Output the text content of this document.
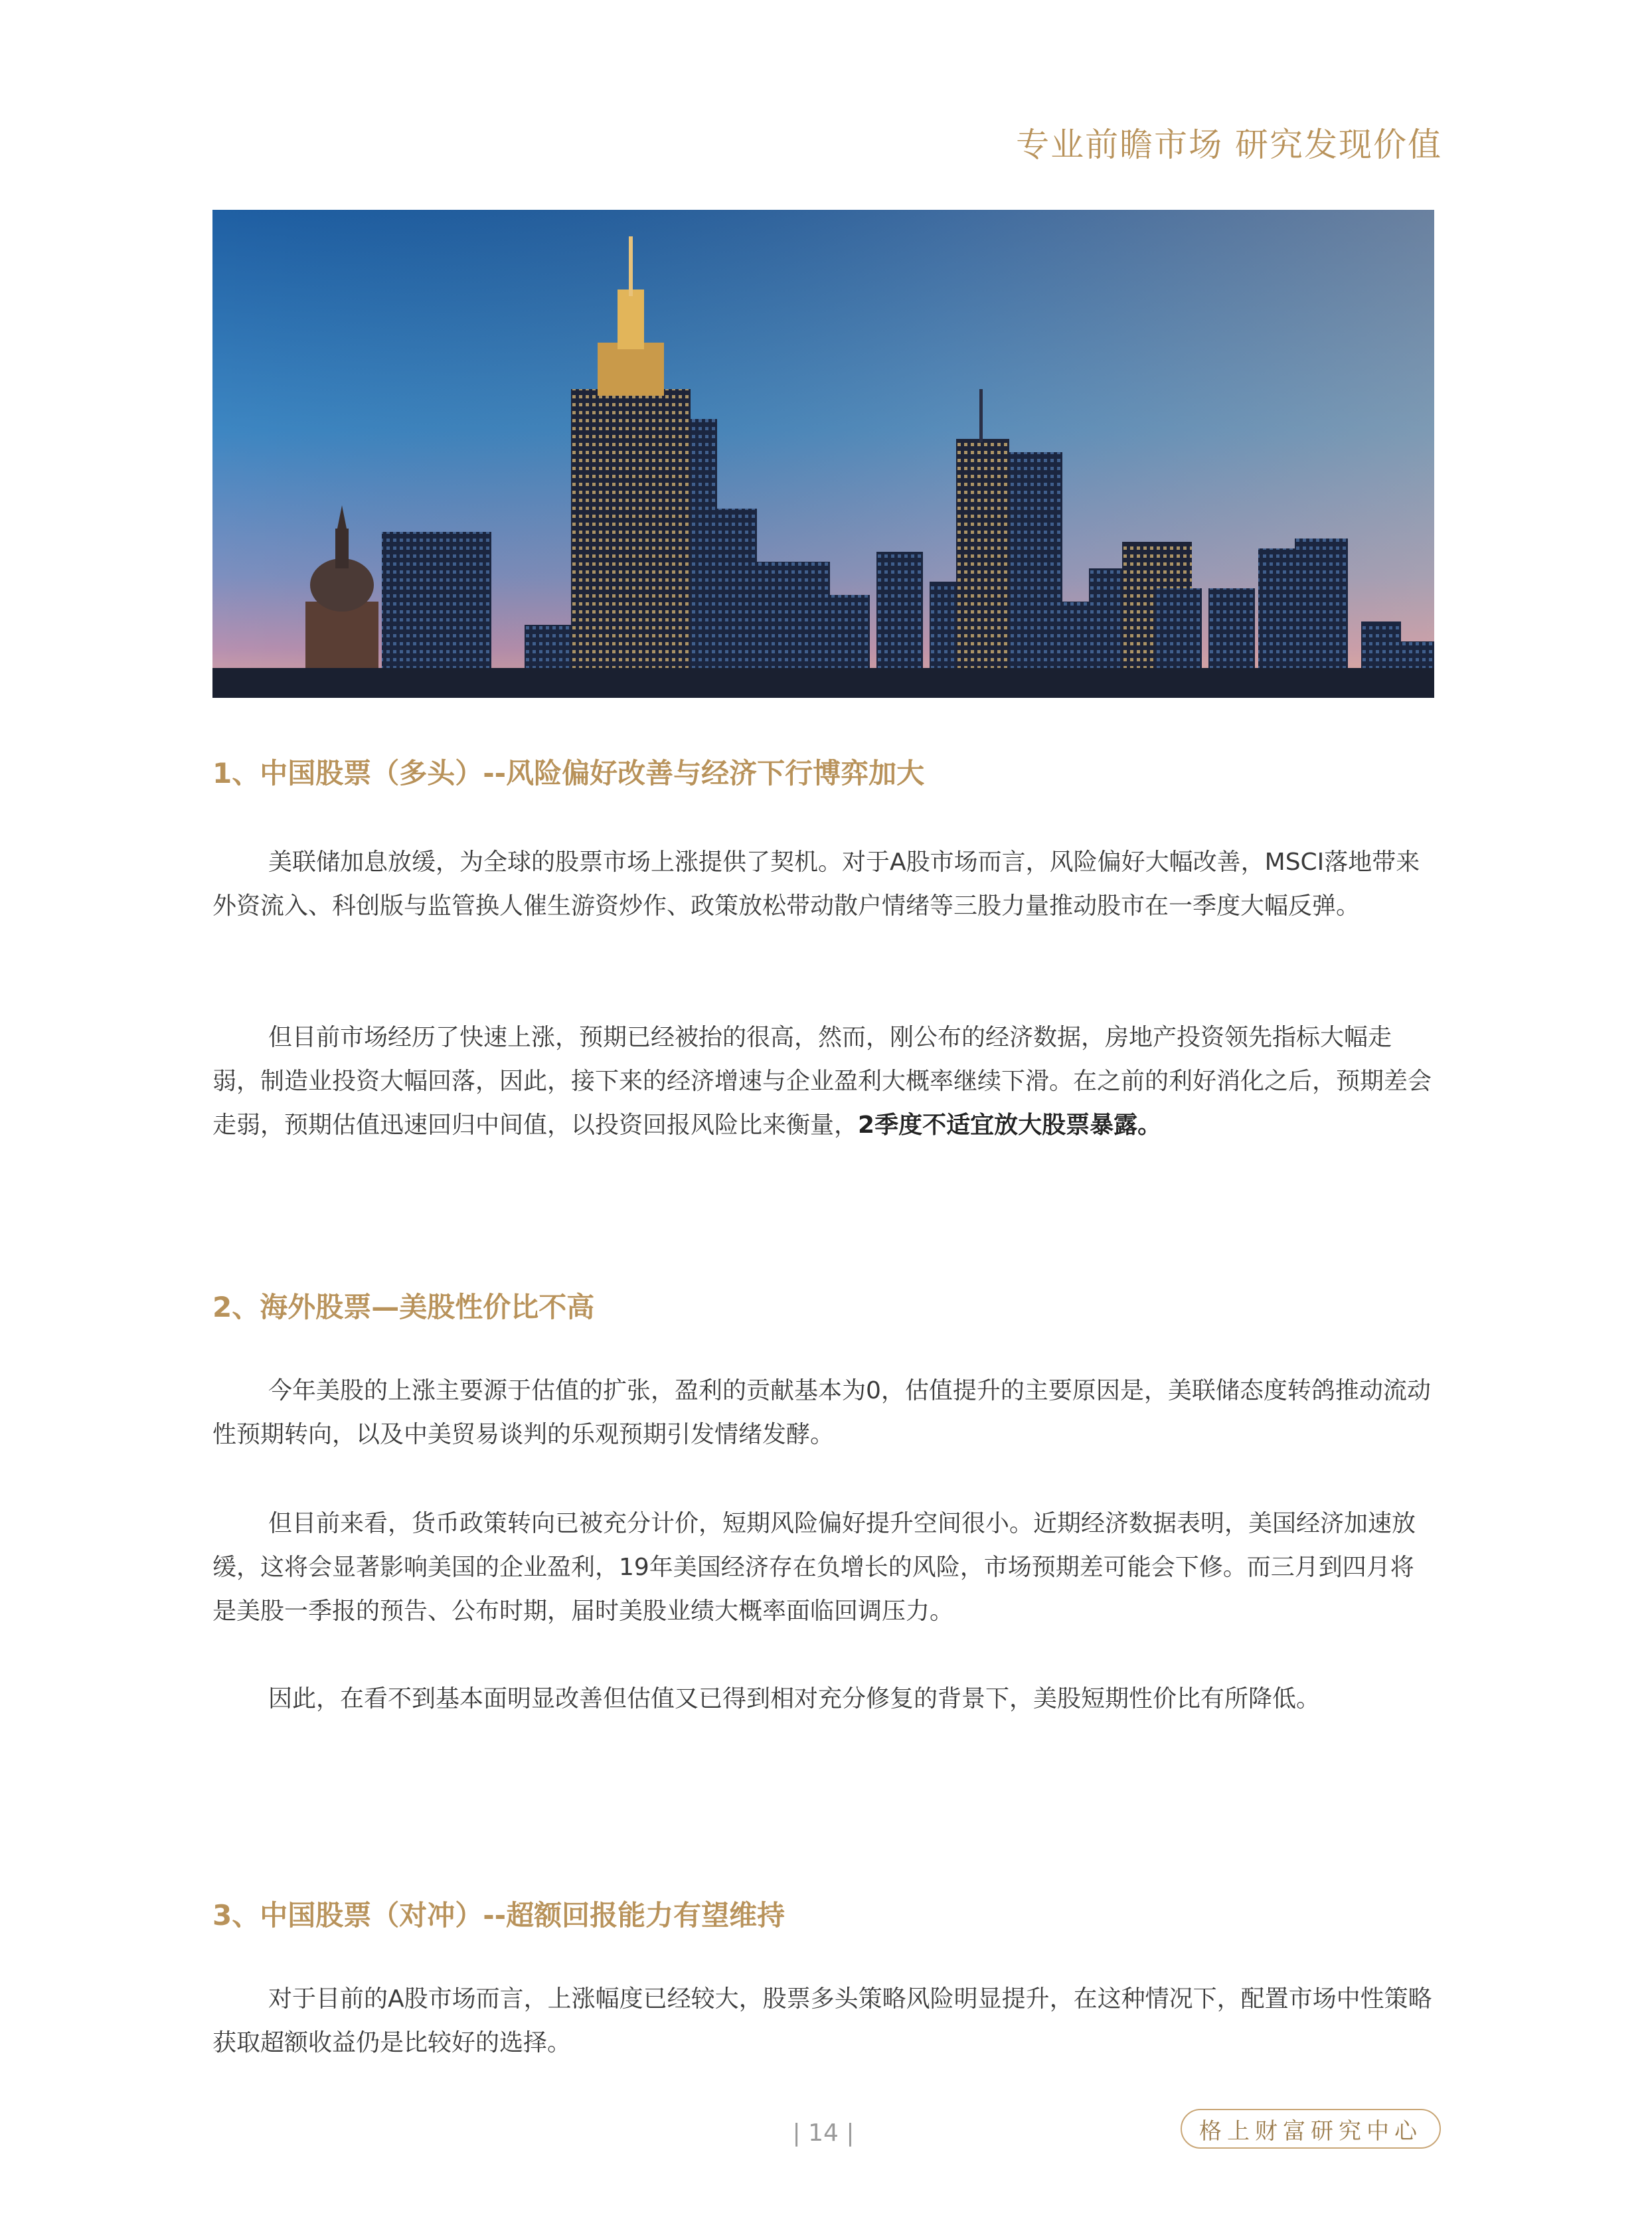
专业前瞻市场 研究发现价值
1、中国股票（多头）--风险偏好改善与经济下行博弈加大

美联储加息放缓，为全球的股票市场上涨提供了契机。对于A股市场而言，风险偏好大幅改善，MSCI落地带来外资流入、科创版与监管换人催生游资炒作、政策放松带动散户情绪等三股力量推动股市在一季度大幅反弹。

但目前市场经历了快速上涨，预期已经被抬的很高，然而，刚公布的经济数据，房地产投资领先指标大幅走弱，制造业投资大幅回落，因此，接下来的经济增速与企业盈利大概率继续下滑。在之前的利好消化之后，预期差会走弱，预期估值迅速回归中间值，以投资回报风险比来衡量，2季度不适宜放大股票暴露。

2、海外股票—美股性价比不高

今年美股的上涨主要源于估值的扩张，盈利的贡献基本为0，估值提升的主要原因是，美联储态度转鸽推动流动性预期转向，以及中美贸易谈判的乐观预期引发情绪发酵。

但目前来看，货币政策转向已被充分计价，短期风险偏好提升空间很小。近期经济数据表明，美国经济加速放缓，这将会显著影响美国的企业盈利，19年美国经济存在负增长的风险，市场预期差可能会下修。而三月到四月将是美股一季报的预告、公布时期，届时美股业绩大概率面临回调压力。

因此，在看不到基本面明显改善但估值又已得到相对充分修复的背景下，美股短期性价比有所降低。

3、中国股票（对冲）--超额回报能力有望维持

对于目前的A股市场而言，上涨幅度已经较大，股票多头策略风险明显提升，在这种情况下，配置市场中性策略获取超额收益仍是比较好的选择。

| 14 |	格上财富研究中心
